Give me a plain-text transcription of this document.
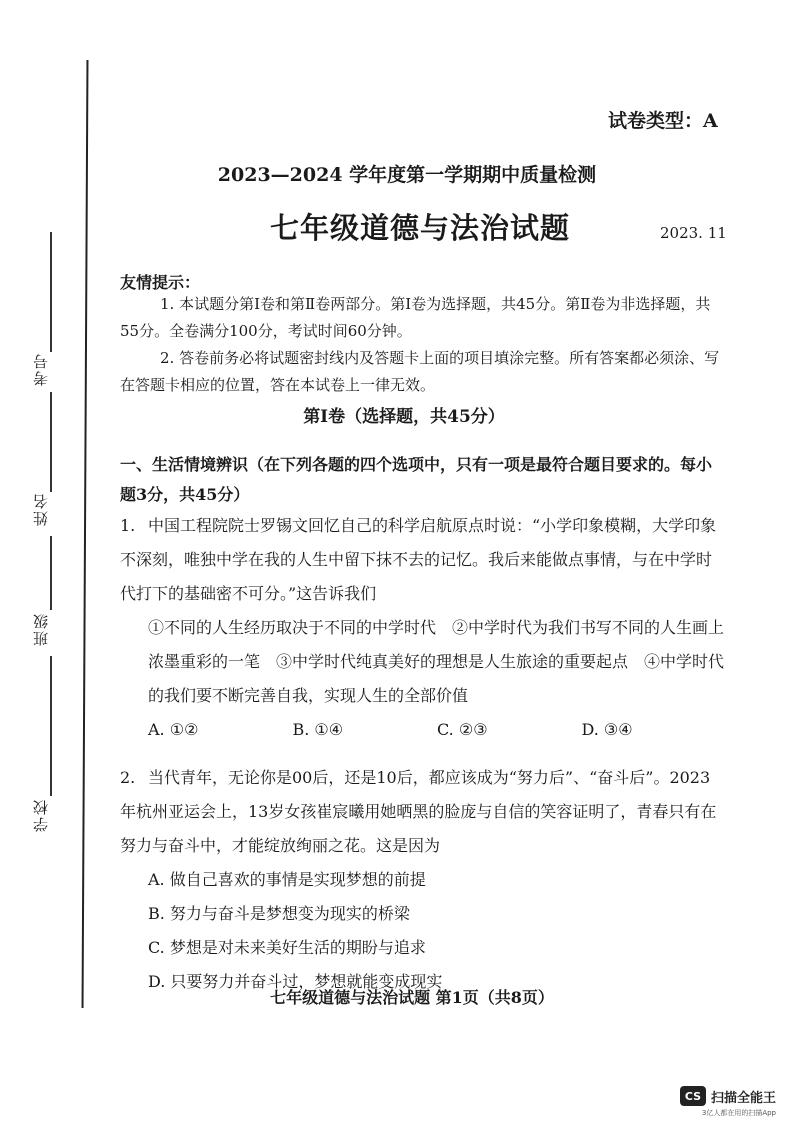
考号
姓名
班级
学校
试卷类型：A
2023—2024 学年度第一学期期中质量检测
七年级道德与法治试题	2023. 11
友情提示：
1. 本试题分第Ⅰ卷和第Ⅱ卷两部分。第Ⅰ卷为选择题，共45分。第Ⅱ卷为非选择题，共55分。全卷满分100分，考试时间60分钟。
2. 答卷前务必将试题密封线内及答题卡上面的项目填涂完整。所有答案都必须涂、写在答题卡相应的位置，答在本试卷上一律无效。
第Ⅰ卷（选择题，共45分）
一、生活情境辨识（在下列各题的四个选项中，只有一项是最符合题目要求的。每小题3分，共45分）
1. 中国工程院院士罗锡文回忆自己的科学启航原点时说：“小学印象模糊，大学印象不深刻，唯独中学在我的人生中留下抹不去的记忆。我后来能做点事情，与在中学时代打下的基础密不可分。”这告诉我们
①不同的人生经历取决于不同的中学时代　②中学时代为我们书写不同的人生画上浓墨重彩的一笔　③中学时代纯真美好的理想是人生旅途的重要起点　④中学时代的我们要不断完善自我，实现人生的全部价值
A. ①②	B. ①④	C. ②③	D. ③④
2. 当代青年，无论你是00后，还是10后，都应该成为“努力后”、“奋斗后”。2023年杭州亚运会上，13岁女孩崔宸曦用她晒黑的脸庞与自信的笑容证明了，青春只有在努力与奋斗中，才能绽放绚丽之花。这是因为
A. 做自己喜欢的事情是实现梦想的前提
B. 努力与奋斗是梦想变为现实的桥梁
C. 梦想是对未来美好生活的期盼与追求
D. 只要努力并奋斗过，梦想就能变成现实
七年级道德与法治试题 第1页（共8页）
CS 扫描全能王
3亿人都在用的扫描App
